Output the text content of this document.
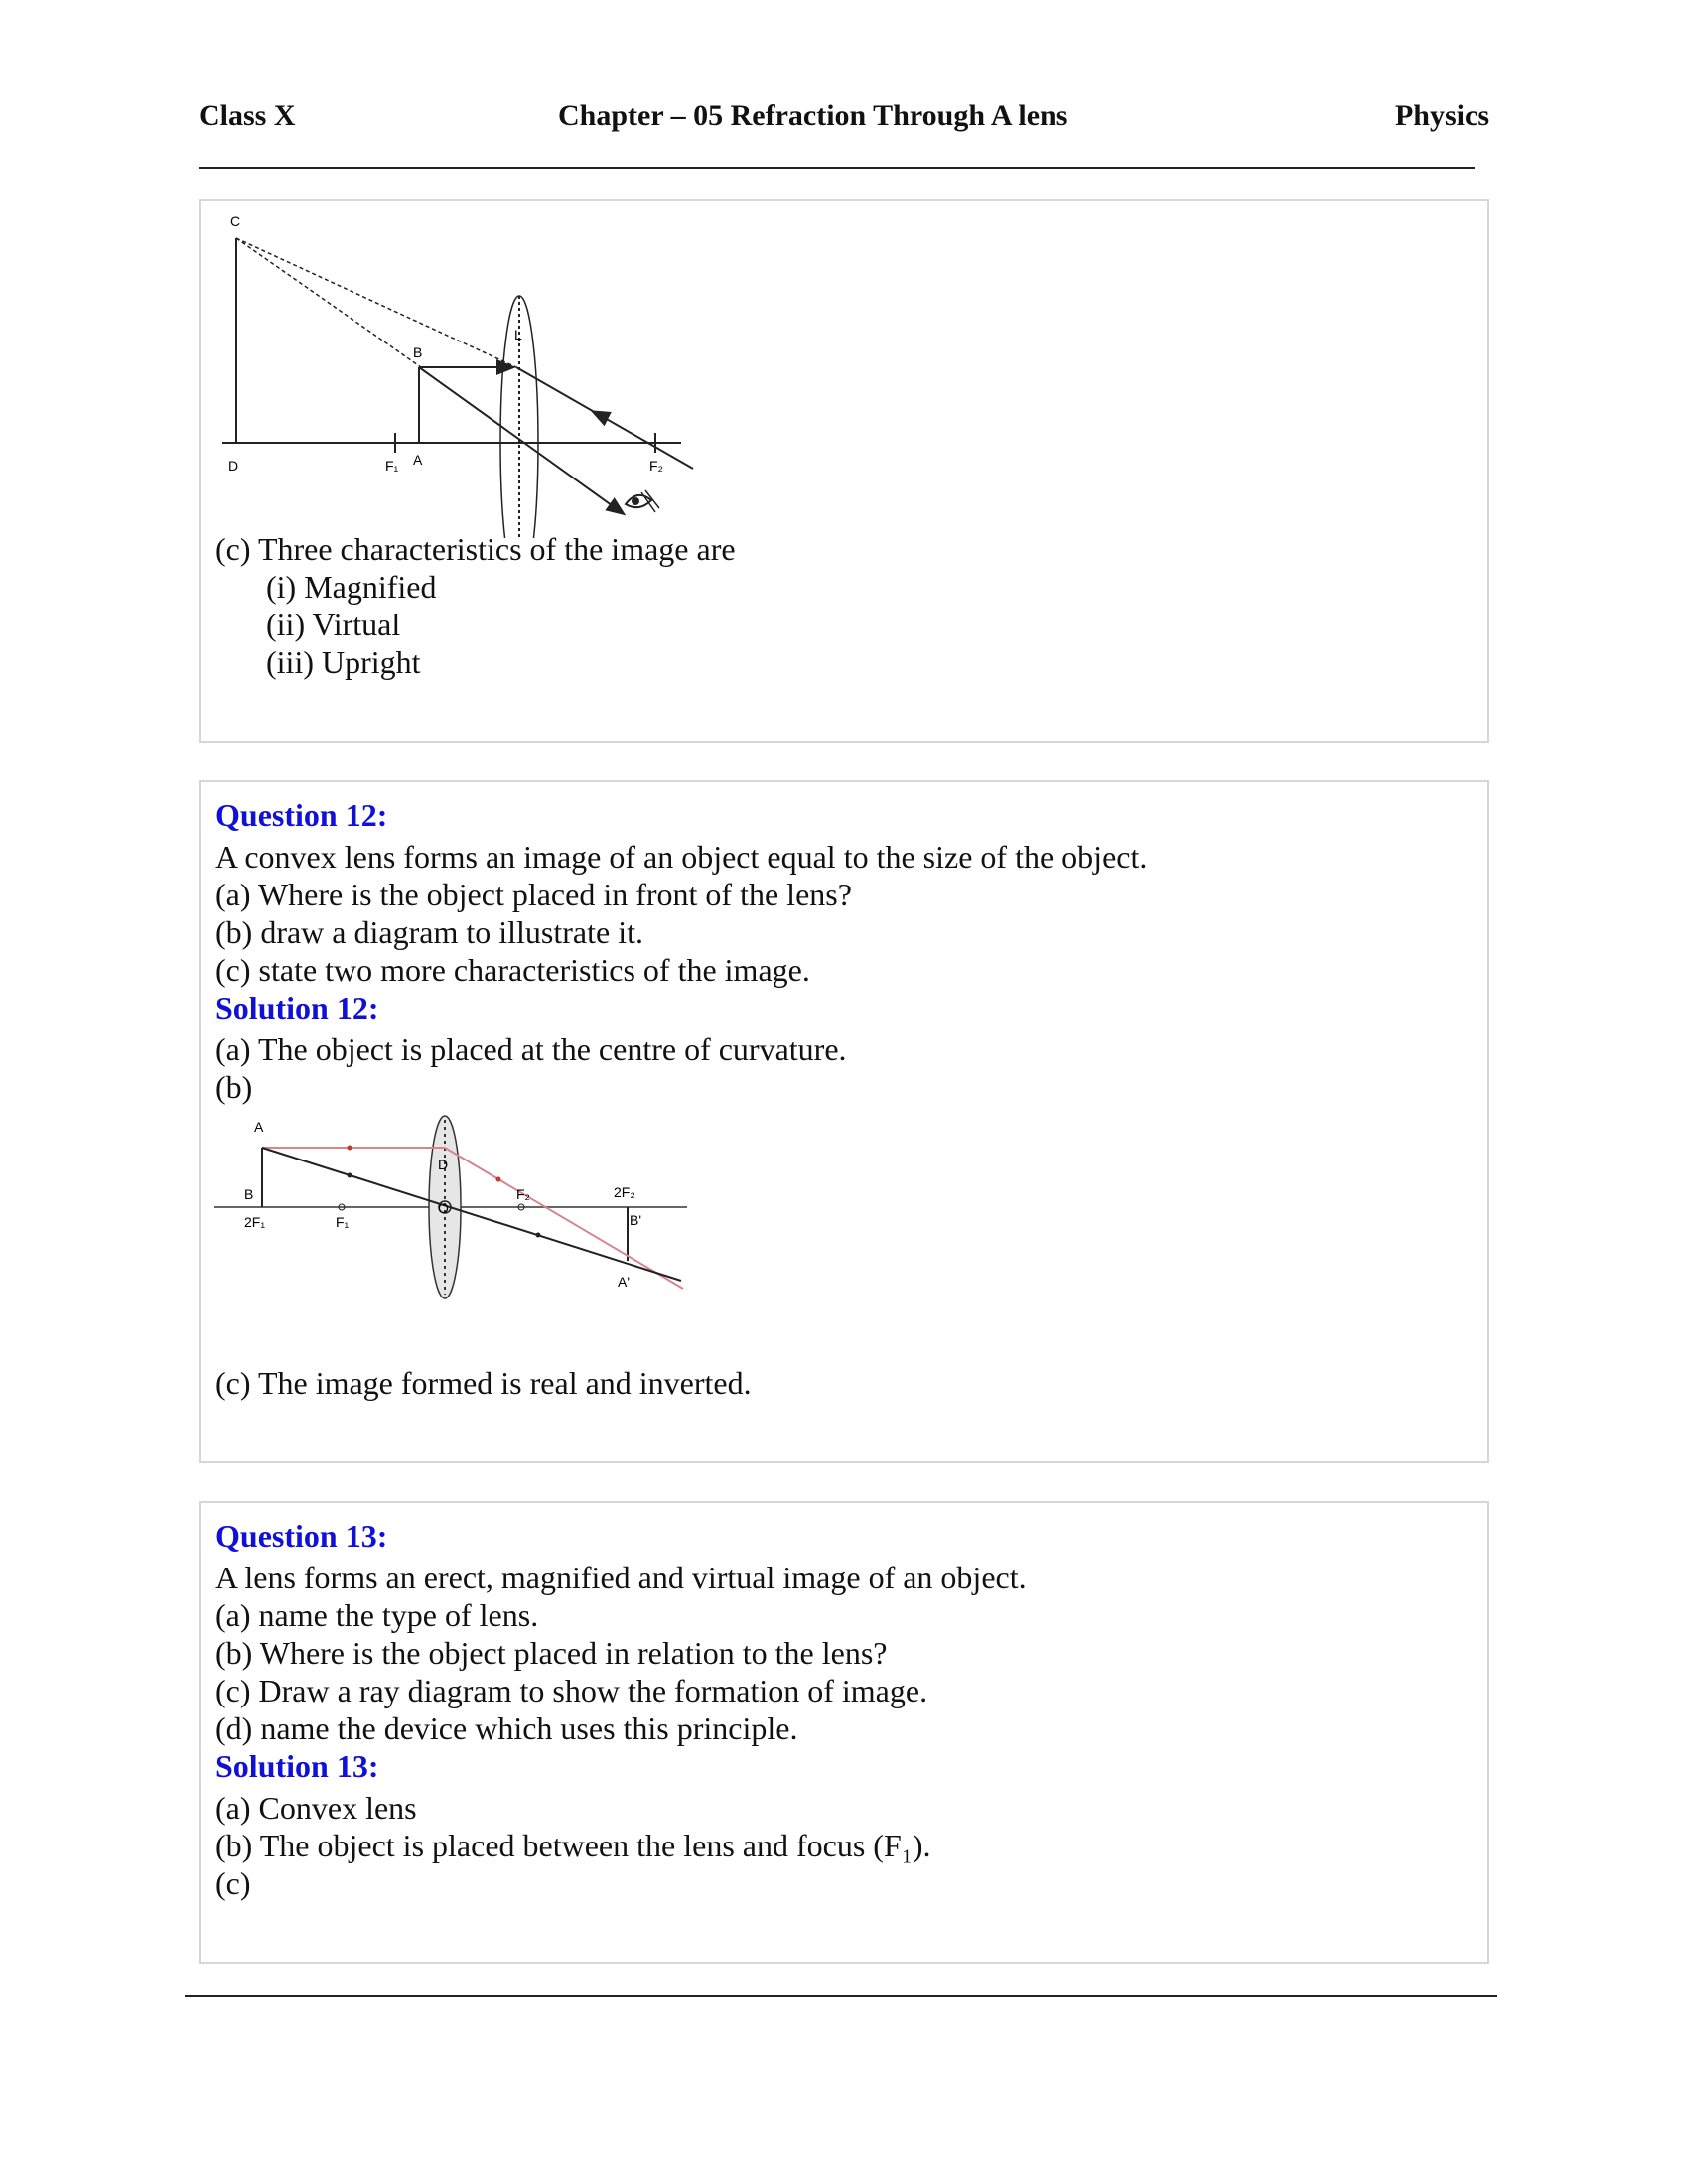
Class X	Chapter – 05 Refraction Through A lens	Physics
C
B
L
D	F₁ A	F₂
(c) Three characteristics of the image are
(i) Magnified
(ii) Virtual
(iii) Upright
Question 12:
A convex lens forms an image of an object equal to the size of the object.
(a) Where is the object placed in front of the lens?
(b) draw a diagram to illustrate it.
(c) state two more characteristics of the image.
Solution 12:
(a) The object is placed at the centre of curvature.
(b)
A
B
2F₁	F₁
D
O
F₂	2F₂
B'
A'
(c) The image formed is real and inverted.
Question 13:
A lens forms an erect, magnified and virtual image of an object.
(a) name the type of lens.
(b) Where is the object placed in relation to the lens?
(c) Draw a ray diagram to show the formation of image.
(d) name the device which uses this principle.
Solution 13:
(a) Convex lens
(b) The object is placed between the lens and focus (F₁).
(c)
